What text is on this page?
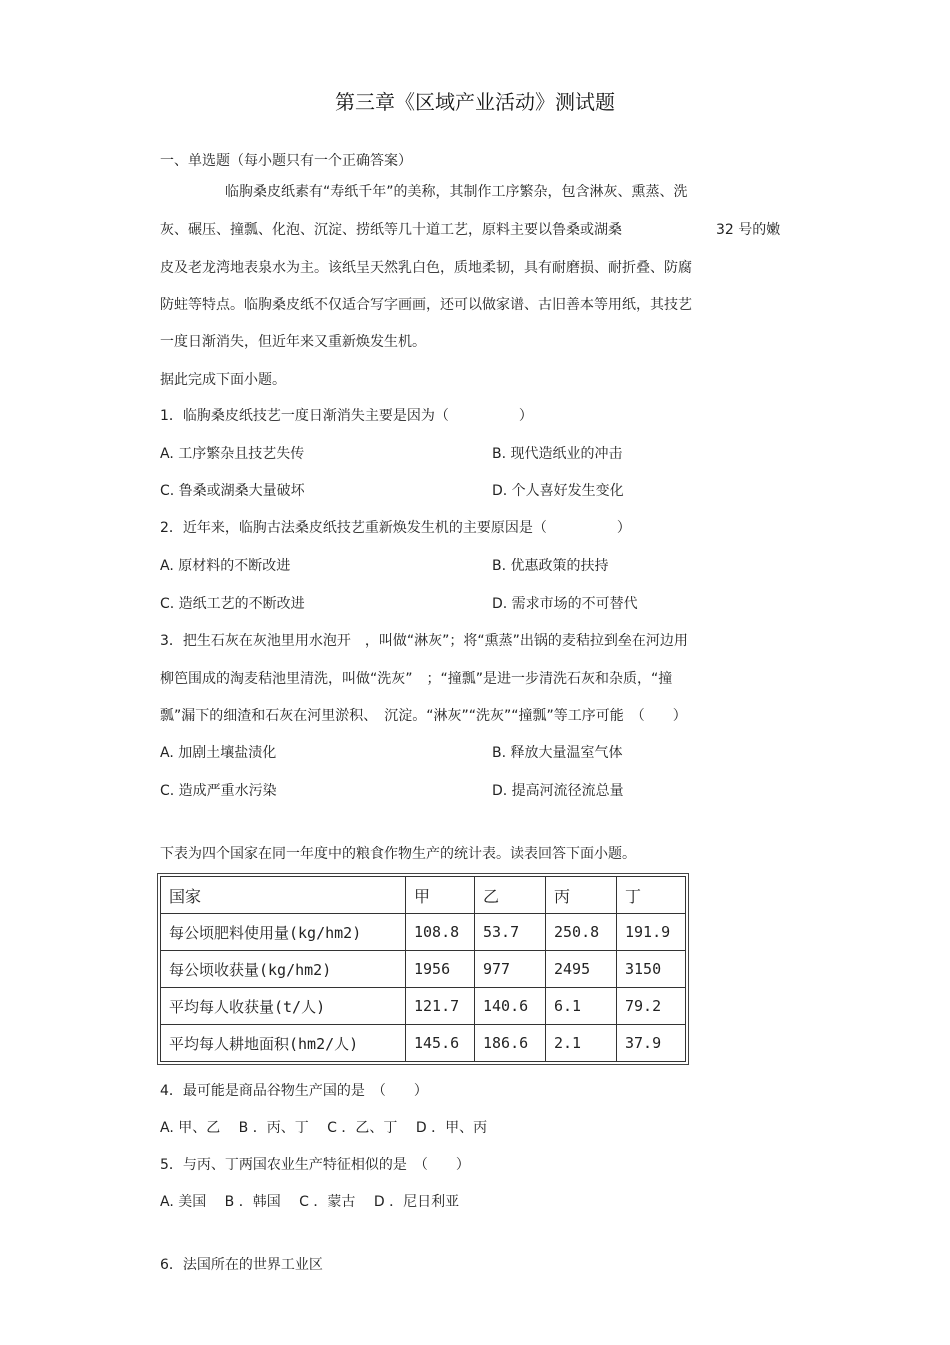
第三章《区域产业活动》测试题
一、单选题（每小题只有一个正确答案）
临朐桑皮纸素有“寿纸千年”的美称，其制作工序繁杂，包含淋灰、熏蒸、洗
灰、碾压、撞瓢、化泡、沉淀、捞纸等几十道工艺，原料主要以鲁桑或湖桑	32 号的嫩
皮及老龙湾地表泉水为主。该纸呈天然乳白色，质地柔韧，具有耐磨损、耐折叠、防腐
防蛀等特点。临朐桑皮纸不仅适合写字画画，还可以做家谱、古旧善本等用纸，其技艺
一度日渐消失，但近年来又重新焕发生机。
据此完成下面小题。
1．临朐桑皮纸技艺一度日渐消失主要是因为（　　　　　）
A. 工序繁杂且技艺失传	B. 现代造纸业的冲击
C. 鲁桑或湖桑大量破坏	D. 个人喜好发生变化
2．近年来，临朐古法桑皮纸技艺重新焕发生机的主要原因是（　　　　　）
A. 原材料的不断改进	B. 优惠政策的扶持
C. 造纸工艺的不断改进	D. 需求市场的不可替代
3．把生石灰在灰池里用水泡开　，叫做“淋灰”；将“熏蒸”出锅的麦秸拉到垒在河边用
柳笆围成的淘麦秸池里清洗，叫做“洗灰”　；“撞瓢”是进一步清洗石灰和杂质，“撞
瓢”漏下的细渣和石灰在河里淤积、　沉淀。“淋灰”“洗灰”“撞瓢”等工序可能　（　　）
A. 加剧土壤盐渍化	B. 释放大量温室气体
C. 造成严重水污染	D. 提高河流径流总量
下表为四个国家在同一年度中的粮食作物生产的统计表。读表回答下面小题。
国家	甲	乙	丙	丁
每公顷肥料使用量(kg/hm2)	108.8	53.7	250.8	191.9
每公顷收获量(kg/hm2)	1956	977	2495	3150
平均每人收获量(t/人)	121.7	140.6	6.1	79.2
平均每人耕地面积(hm2/人)	145.6	186.6	2.1	37.9
4．最可能是商品谷物生产国的是　（　　）
A. 甲、乙　 B ．丙、丁　 C ．乙、丁　 D ．甲、丙
5．与丙、丁两国农业生产特征相似的是　（　　）
A. 美国　 B ．韩国　 C ．蒙古　 D ．尼日利亚
6．法国所在的世界工业区
